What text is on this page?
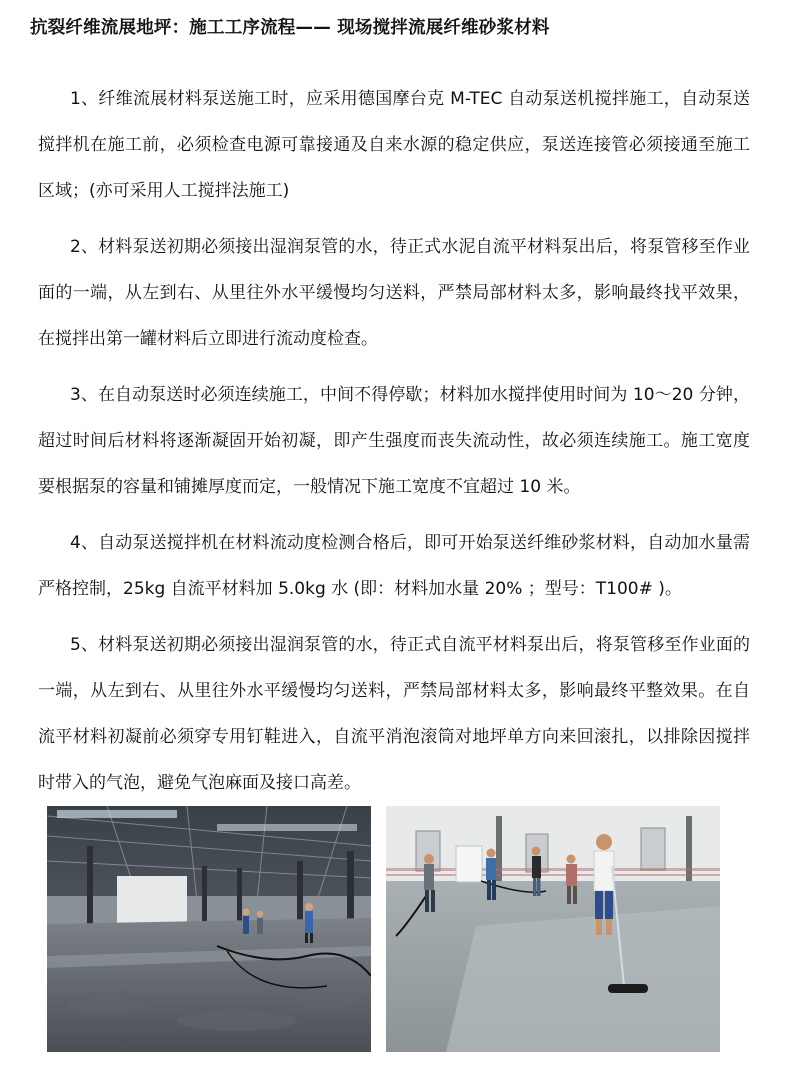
抗裂纤维流展地坪：施工工序流程—— 现场搅拌流展纤维砂浆材料

1、纤维流展材料泵送施工时，应采用德国摩台克 M-TEC 自动泵送机搅拌施工，自动泵送搅拌机在施工前，必须检查电源可靠接通及自来水源的稳定供应，泵送连接管必须接通至施工区域；(亦可采用人工搅拌法施工)

2、材料泵送初期必须接出湿润泵管的水，待正式水泥自流平材料泵出后，将泵管移至作业面的一端，从左到右、从里往外水平缓慢均匀送料，严禁局部材料太多，影响最终找平效果，在搅拌出第一罐材料后立即进行流动度检查。

3、在自动泵送时必须连续施工，中间不得停歇；材料加水搅拌使用时间为 10～20 分钟，超过时间后材料将逐渐凝固开始初凝，即产生强度而丧失流动性，故必须连续施工。施工宽度要根据泵的容量和铺摊厚度而定，一般情况下施工宽度不宜超过 10 米。

4、自动泵送搅拌机在材料流动度检测合格后，即可开始泵送纤维砂浆材料，自动加水量需严格控制，25kg 自流平材料加 5.0kg 水 (即：材料加水量 20% ；型号：T100# )。

5、材料泵送初期必须接出湿润泵管的水，待正式自流平材料泵出后，将泵管移至作业面的一端，从左到右、从里往外水平缓慢均匀送料，严禁局部材料太多，影响最终平整效果。在自流平材料初凝前必须穿专用钉鞋进入，自流平消泡滚筒对地坪单方向来回滚扎，以排除因搅拌时带入的气泡，避免气泡麻面及接口高差。
